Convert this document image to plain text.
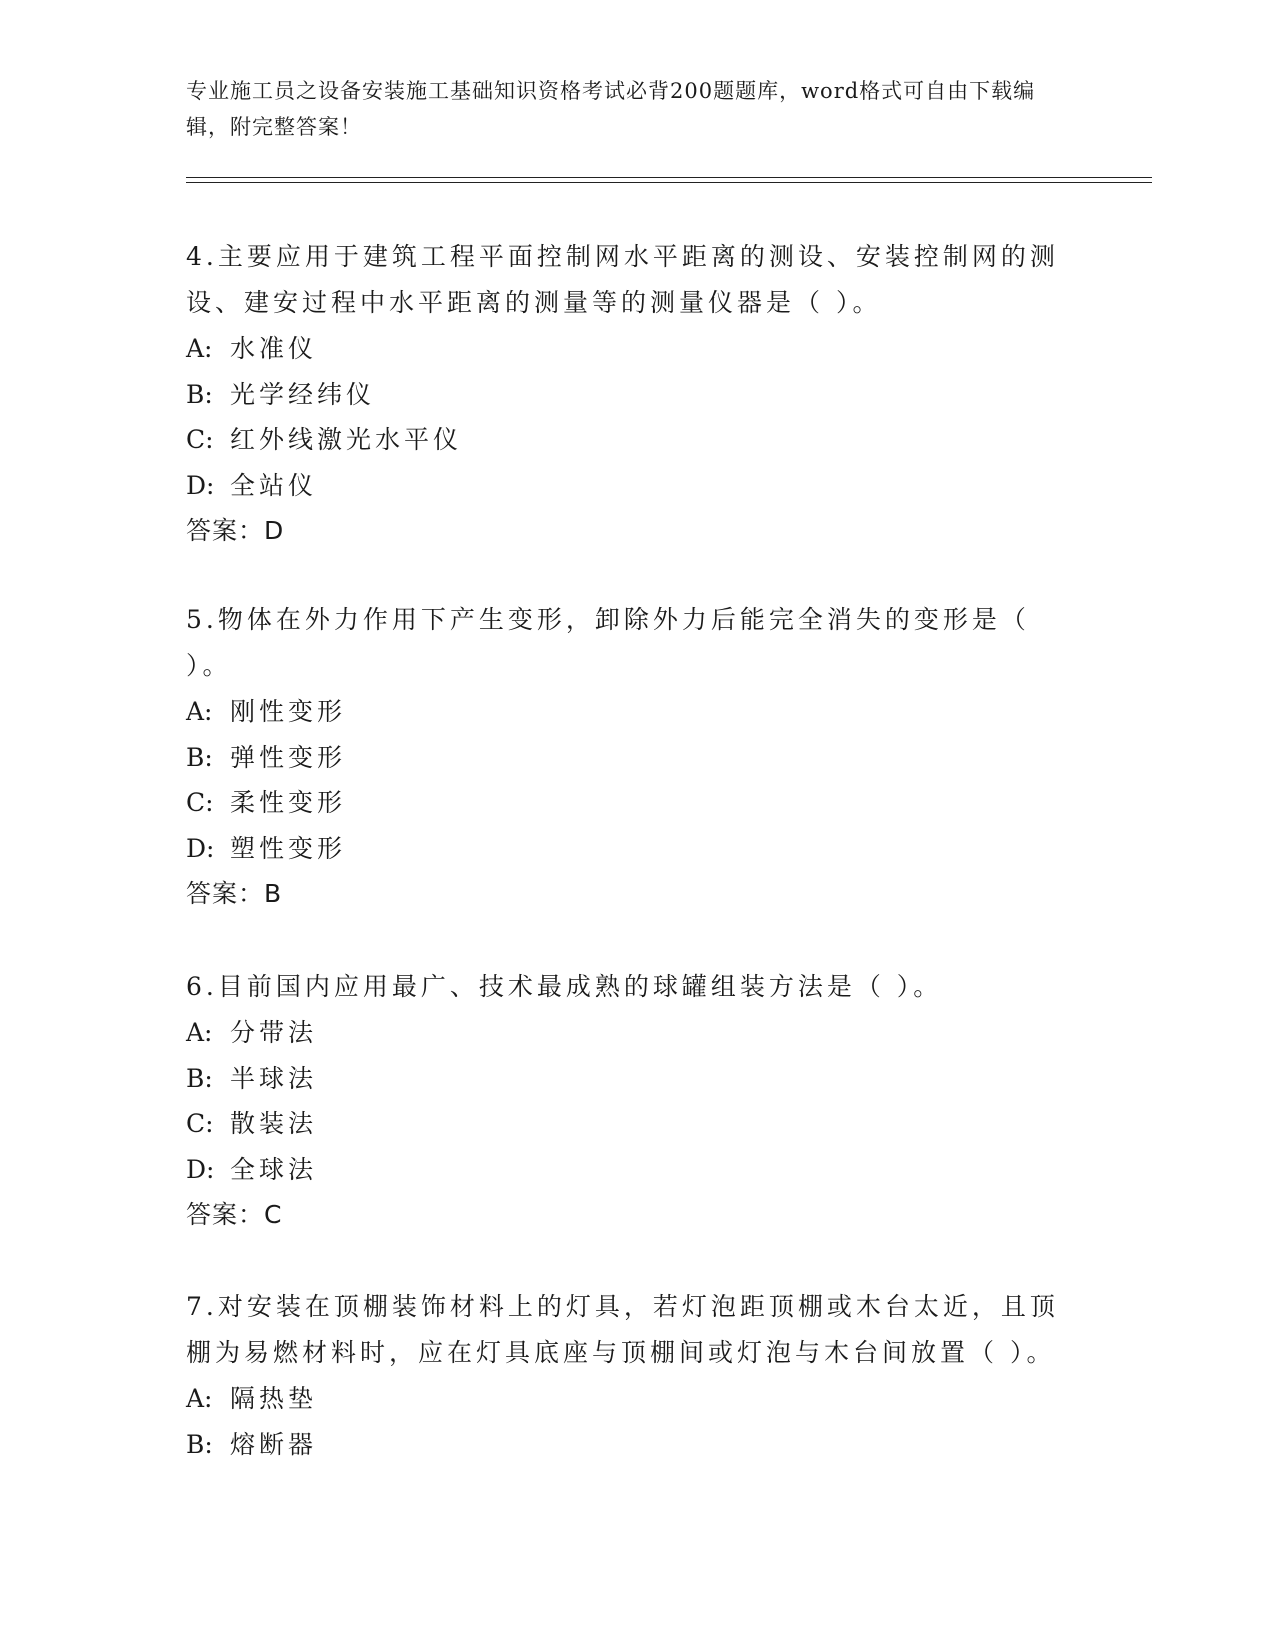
专业施工员之设备安装施工基础知识资格考试必背200题题库，word格式可自由下载编辑，附完整答案！
4.主要应用于建筑工程平面控制网水平距离的测设、安装控制网的测设、建安过程中水平距离的测量等的测量仪器是（ ）。
A: 水准仪
B: 光学经纬仪
C: 红外线激光水平仪
D: 全站仪
答案：D
5.物体在外力作用下产生变形，卸除外力后能完全消失的变形是（ ）。
A: 刚性变形
B: 弹性变形
C: 柔性变形
D: 塑性变形
答案：B
6.目前国内应用最广、技术最成熟的球罐组装方法是（ ）。
A: 分带法
B: 半球法
C: 散装法
D: 全球法
答案：C
7.对安装在顶棚装饰材料上的灯具，若灯泡距顶棚或木台太近，且顶棚为易燃材料时，应在灯具底座与顶棚间或灯泡与木台间放置（ ）。
A: 隔热垫
B: 熔断器
